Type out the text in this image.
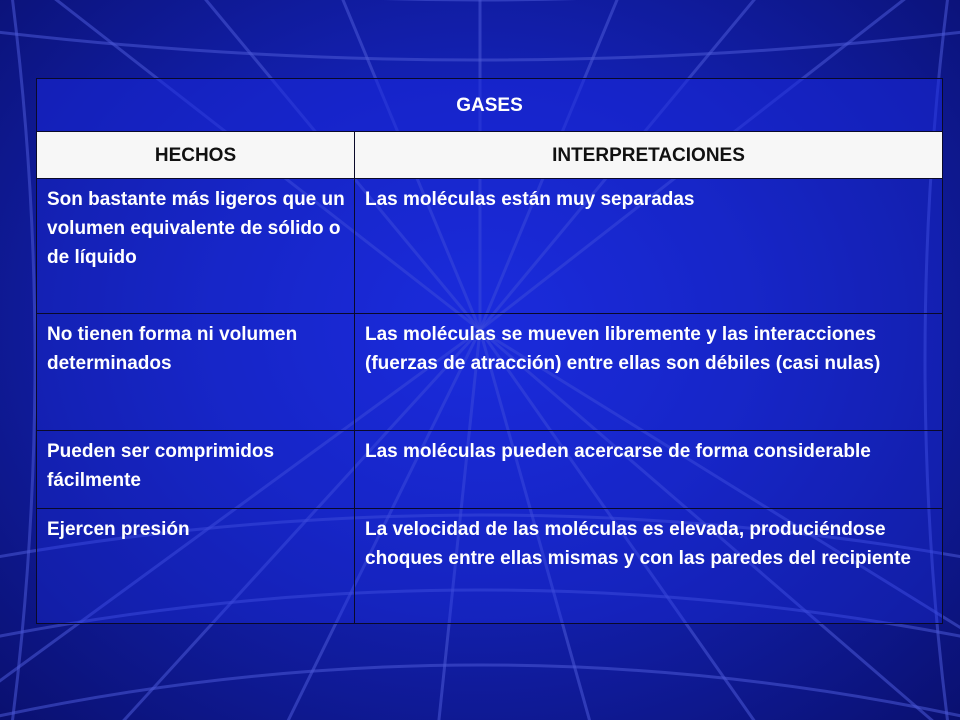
GASES	
HECHOS	INTERPRETACIONES
Son bastante más ligeros que un volumen equivalente de sólido o de líquido	Las moléculas están muy separadas
No tienen forma ni volumen determinados	Las moléculas se mueven libremente y las interacciones (fuerzas de atracción) entre ellas son débiles (casi nulas)
Pueden ser comprimidos fácilmente	Las moléculas pueden acercarse de forma considerable
Ejercen presión	La velocidad de las moléculas es elevada, produciéndose choques entre ellas mismas y con las paredes del recipiente
